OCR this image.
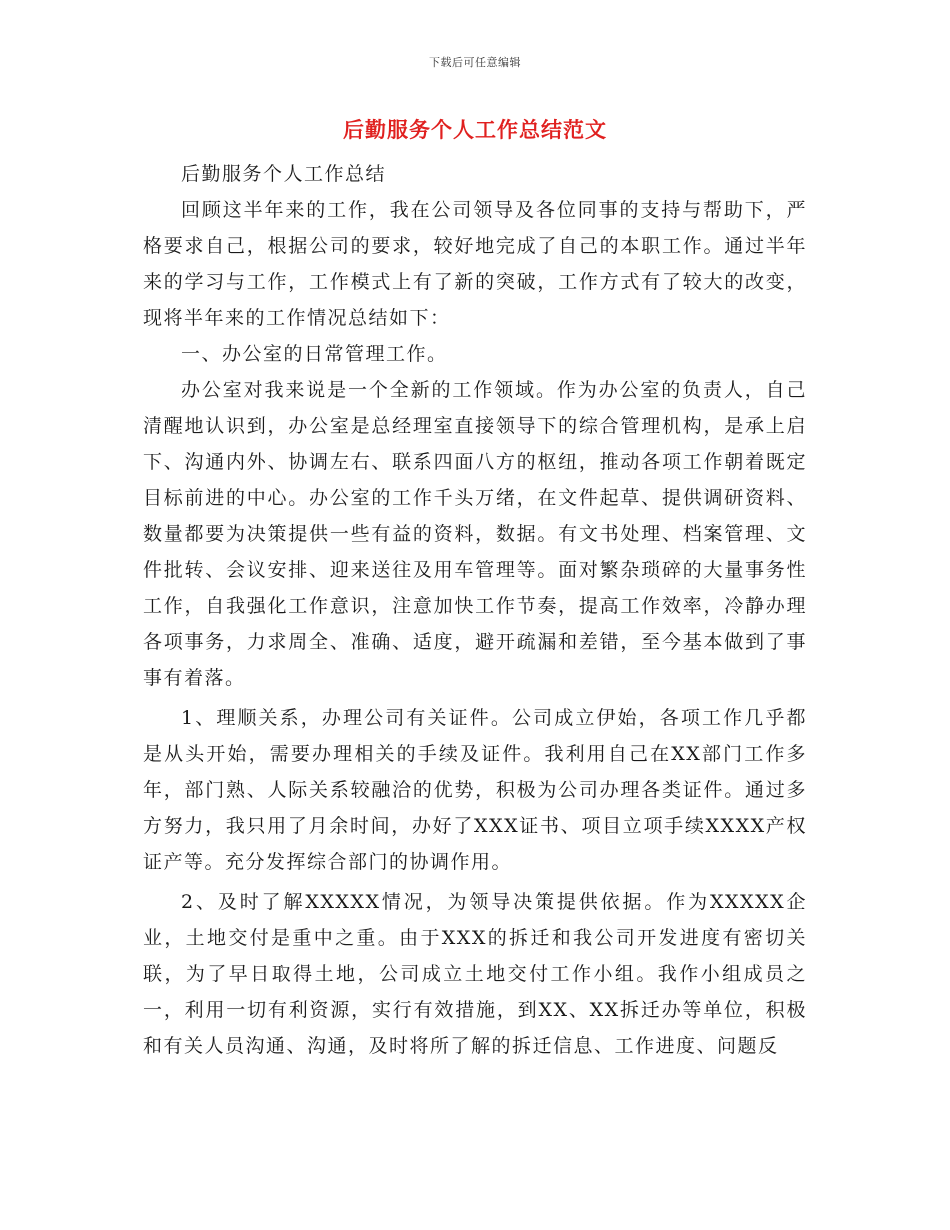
下载后可任意编辑
后勤服务个人工作总结范文

后勤服务个人工作总结

回顾这半年来的工作，我在公司领导及各位同事的支持与帮助下，严格要求自己，根据公司的要求，较好地完成了自己的本职工作。通过半年来的学习与工作，工作模式上有了新的突破，工作方式有了较大的改变，现将半年来的工作情况总结如下：

一、办公室的日常管理工作。

办公室对我来说是一个全新的工作领域。作为办公室的负责人，自己清醒地认识到，办公室是总经理室直接领导下的综合管理机构，是承上启下、沟通内外、协调左右、联系四面八方的枢纽，推动各项工作朝着既定目标前进的中心。办公室的工作千头万绪，在文件起草、提供调研资料、数量都要为决策提供一些有益的资料，数据。有文书处理、档案管理、文件批转、会议安排、迎来送往及用车管理等。面对繁杂琐碎的大量事务性工作，自我强化工作意识，注意加快工作节奏，提高工作效率，冷静办理各项事务，力求周全、准确、适度，避开疏漏和差错，至今基本做到了事事有着落。

1、理顺关系，办理公司有关证件。公司成立伊始，各项工作几乎都是从头开始，需要办理相关的手续及证件。我利用自己在XX部门工作多年，部门熟、人际关系较融洽的优势，积极为公司办理各类证件。通过多方努力，我只用了月余时间，办好了XXX证书、项目立项手续XXXX产权证产等。充分发挥综合部门的协调作用。

2、及时了解XXXXX情况，为领导决策提供依据。作为XXXXX企业，土地交付是重中之重。由于XXX的拆迁和我公司开发进度有密切关联，为了早日取得土地，公司成立土地交付工作小组。我作小组成员之一，利用一切有利资源，实行有效措施，到XX、XX拆迁办等单位，积极和有关人员沟通、沟通，及时将所了解的拆迁信息、工作进度、问题反
